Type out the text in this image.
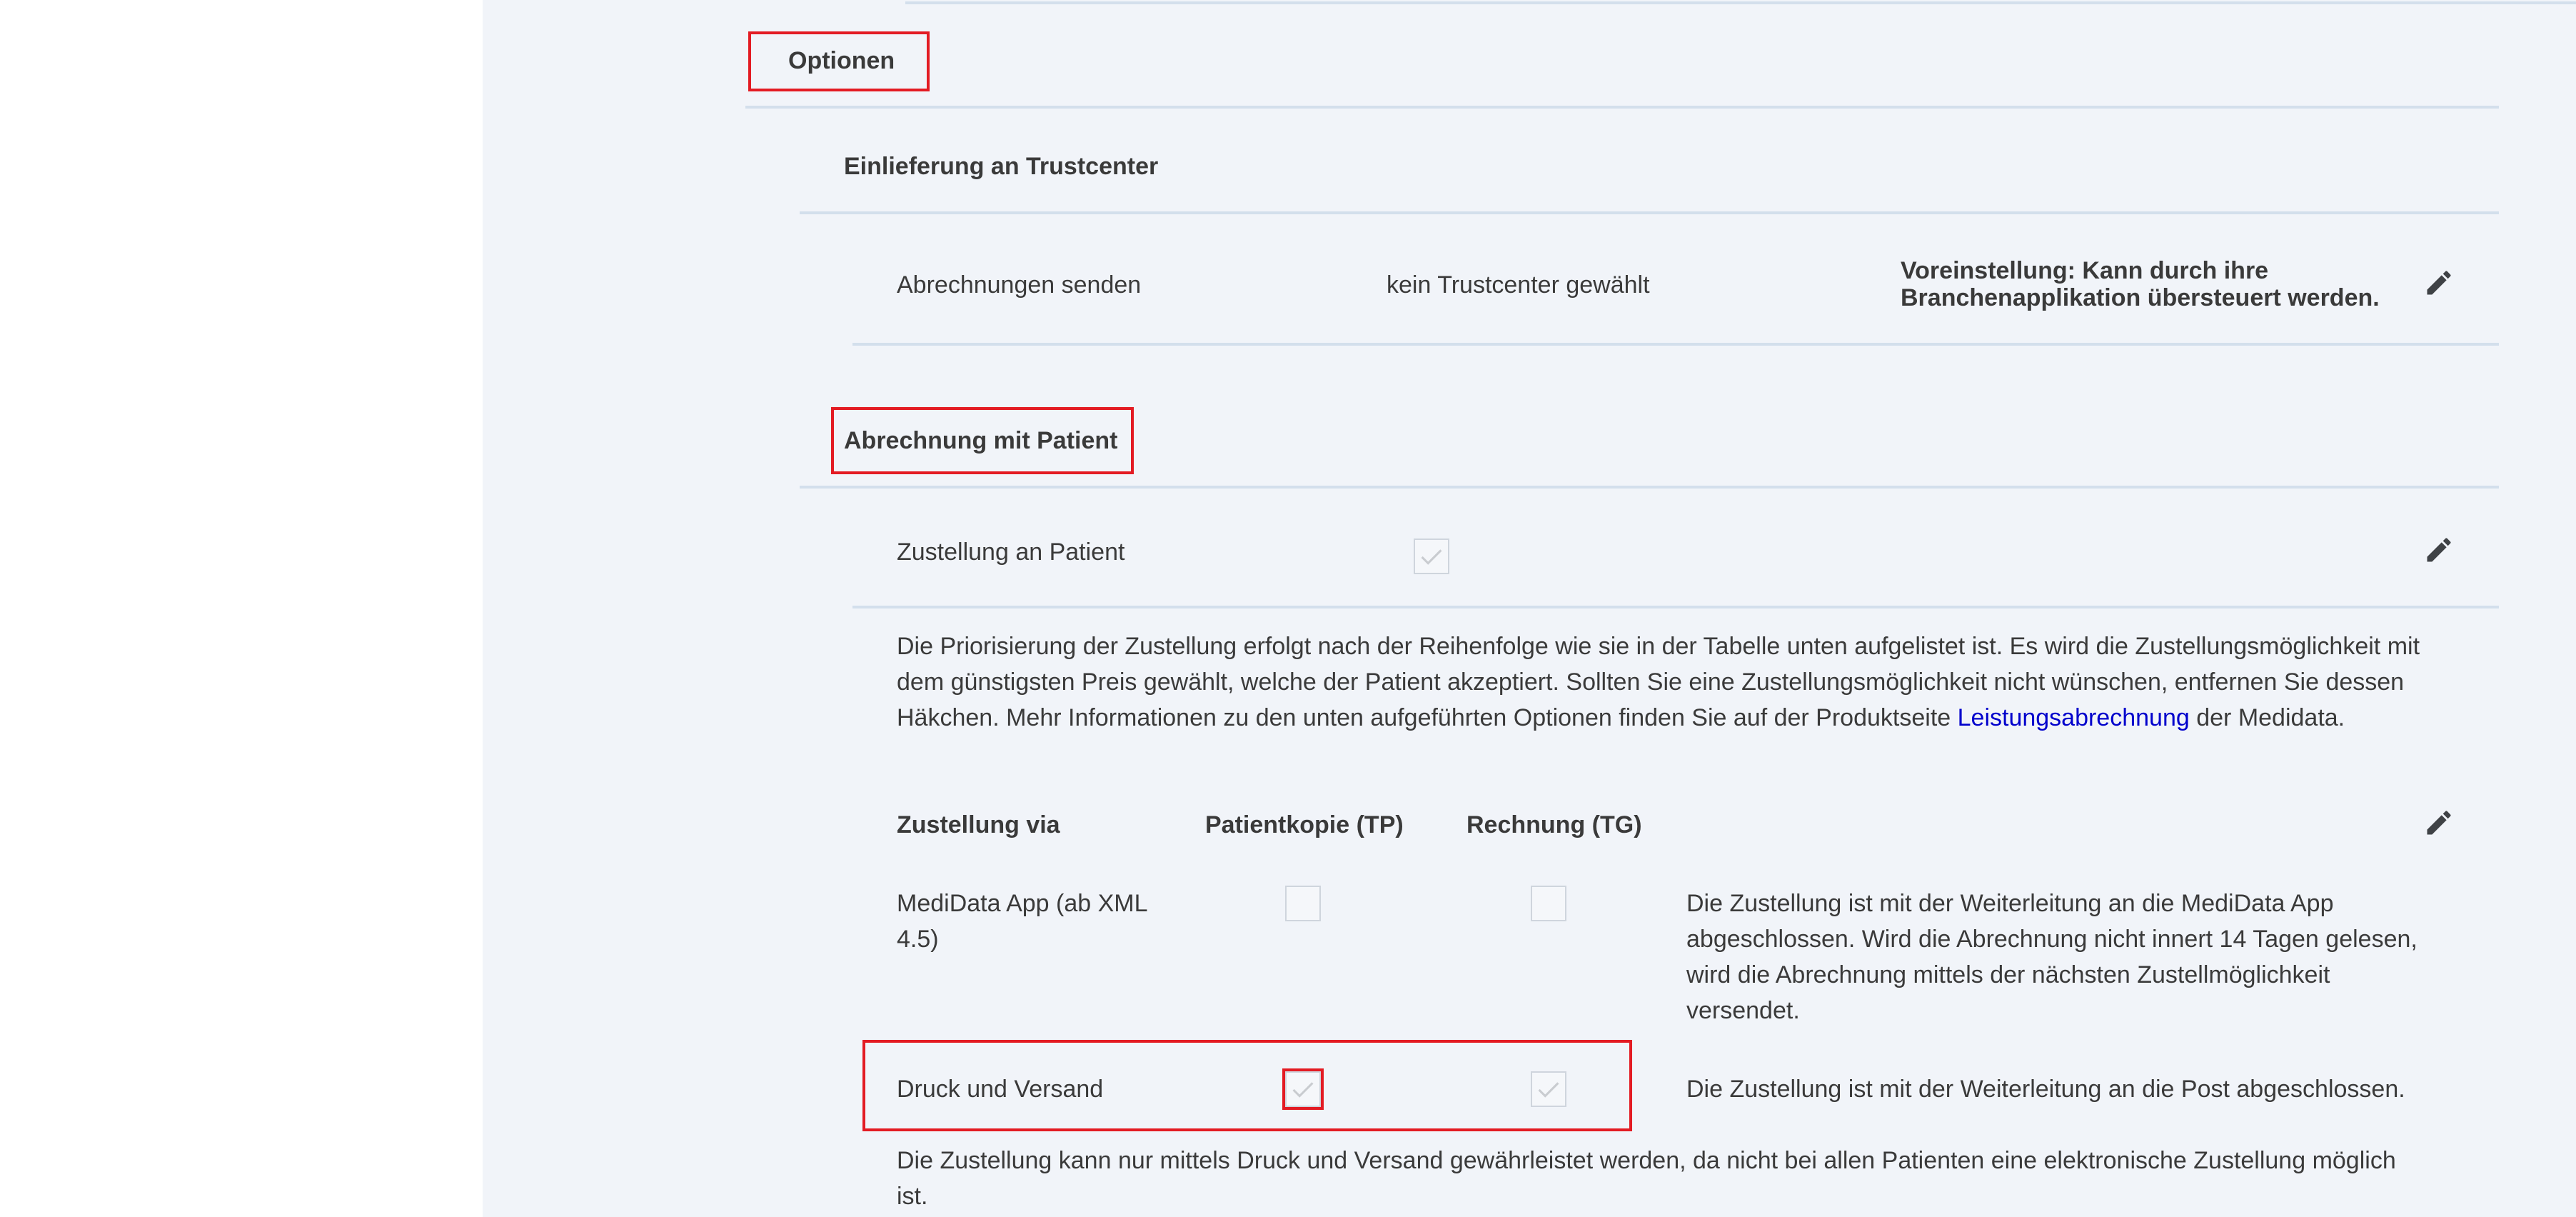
Optionen
Einlieferung an Trustcenter
Abrechnungen senden	kein Trustcenter gewählt
Voreinstellung: Kann durch ihre
Branchenapplikation übersteuert werden.
Abrechnung mit Patient
Zustellung an Patient
Die Priorisierung der Zustellung erfolgt nach der Reihenfolge wie sie in der Tabelle unten aufgelistet ist. Es wird die Zustellungsmöglichkeit mit dem günstigsten Preis gewählt, welche der Patient akzeptiert. Sollten Sie eine Zustellungsmöglichkeit nicht wünschen, entfernen Sie dessen Häkchen. Mehr Informationen zu den unten aufgeführten Optionen finden Sie auf der Produktseite Leistungsabrechnung der Medidata.
Zustellung via	Patientkopie (TP)	Rechnung (TG)
MediData App (ab XML
4.5)
Die Zustellung ist mit der Weiterleitung an die MediData App
abgeschlossen. Wird die Abrechnung nicht innert 14 Tagen gelesen,
wird die Abrechnung mittels der nächsten Zustellmöglichkeit
versendet.
Druck und Versand	Die Zustellung ist mit der Weiterleitung an die Post abgeschlossen.
Die Zustellung kann nur mittels Druck und Versand gewährleistet werden, da nicht bei allen Patienten eine elektronische Zustellung möglich
ist.
